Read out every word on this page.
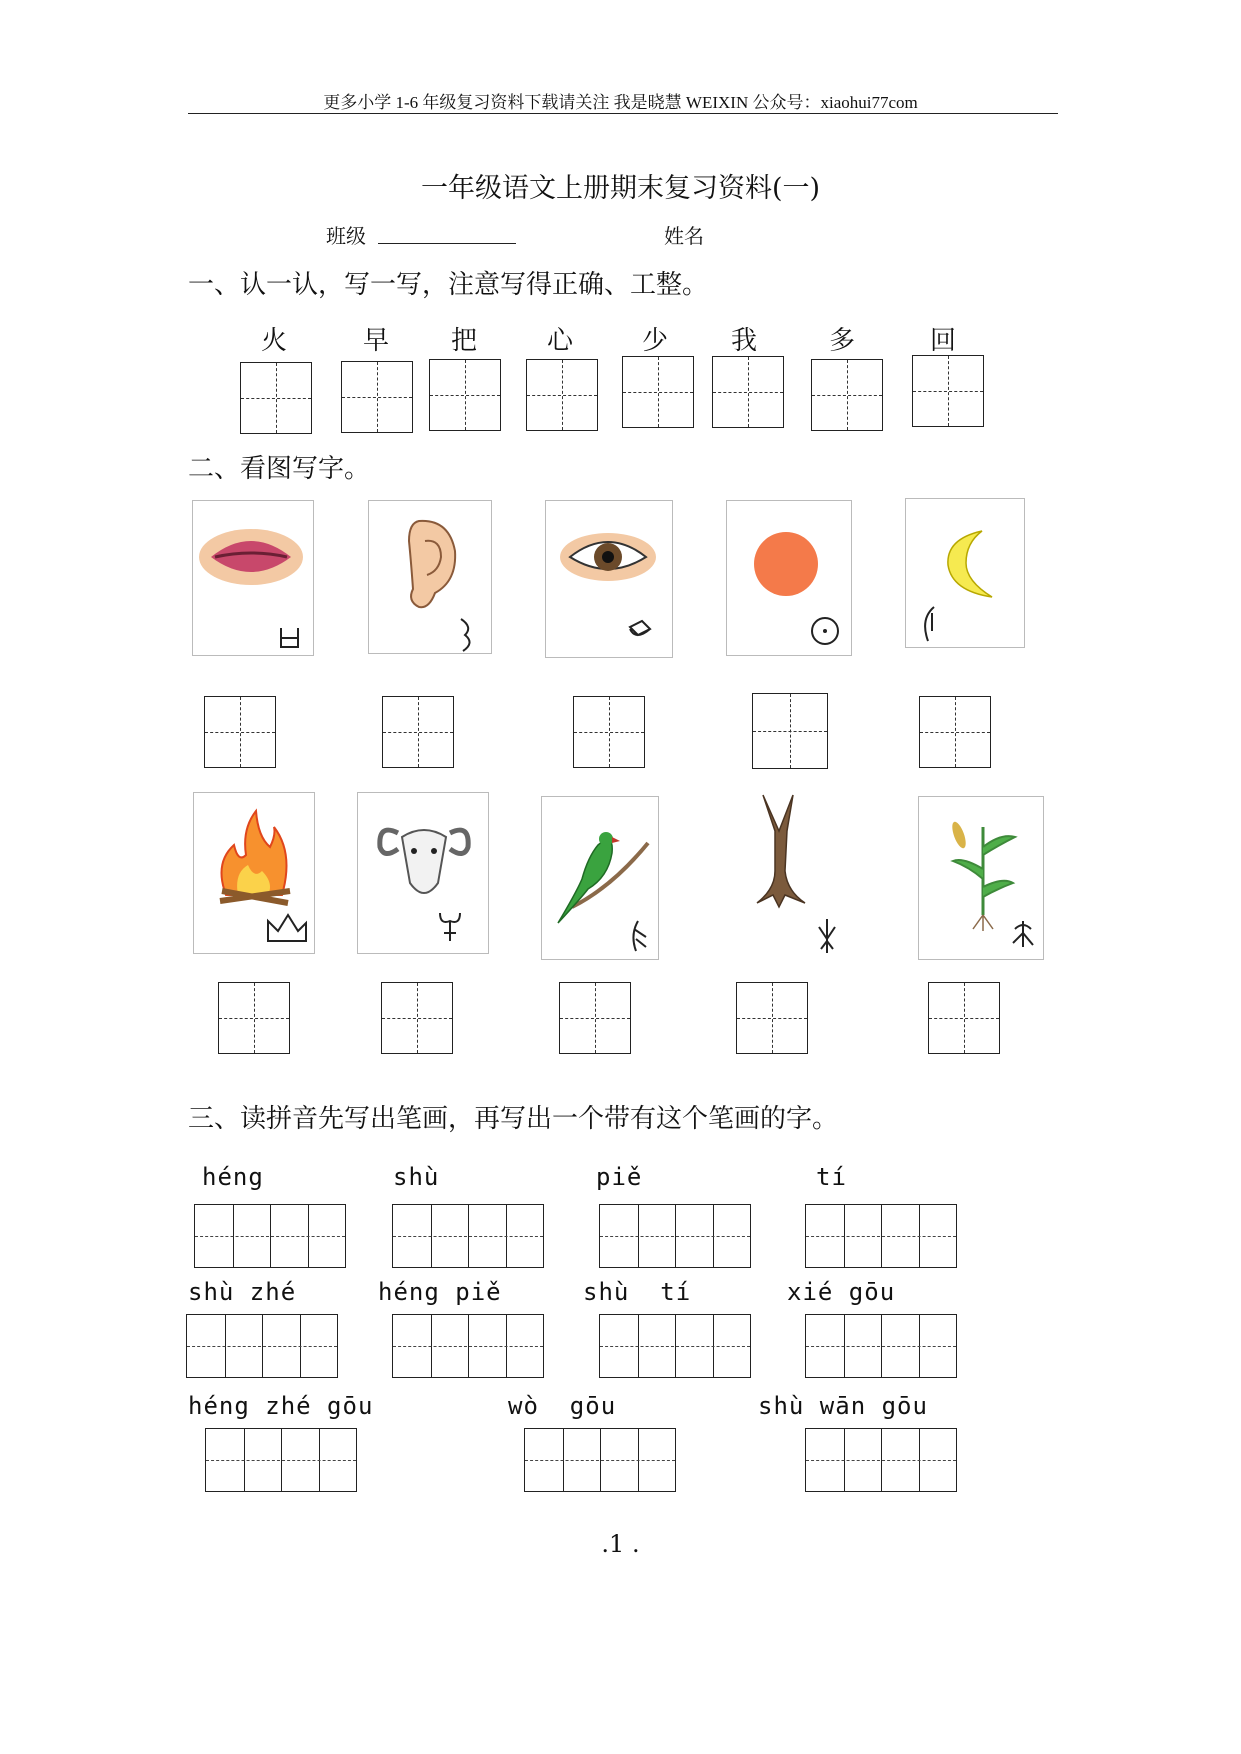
更多小学 1-6 年级复习资料下载请关注 我是晓慧 WEIXIN 公众号：xiaohui77com
一年级语文上册期末复习资料(一)
班级	姓名
一、认一认，写一写，注意写得正确、工整。
火	早	把	心	少	我	多	回
二、看图写字。
三、读拼音先写出笔画，再写出一个带有这个笔画的字。
héng	shù	piě	tí
shù zhé	héng piě	shù  tí	xié gōu
héng zhé gōu	wò  gōu	shù wān gōu
.1 .
